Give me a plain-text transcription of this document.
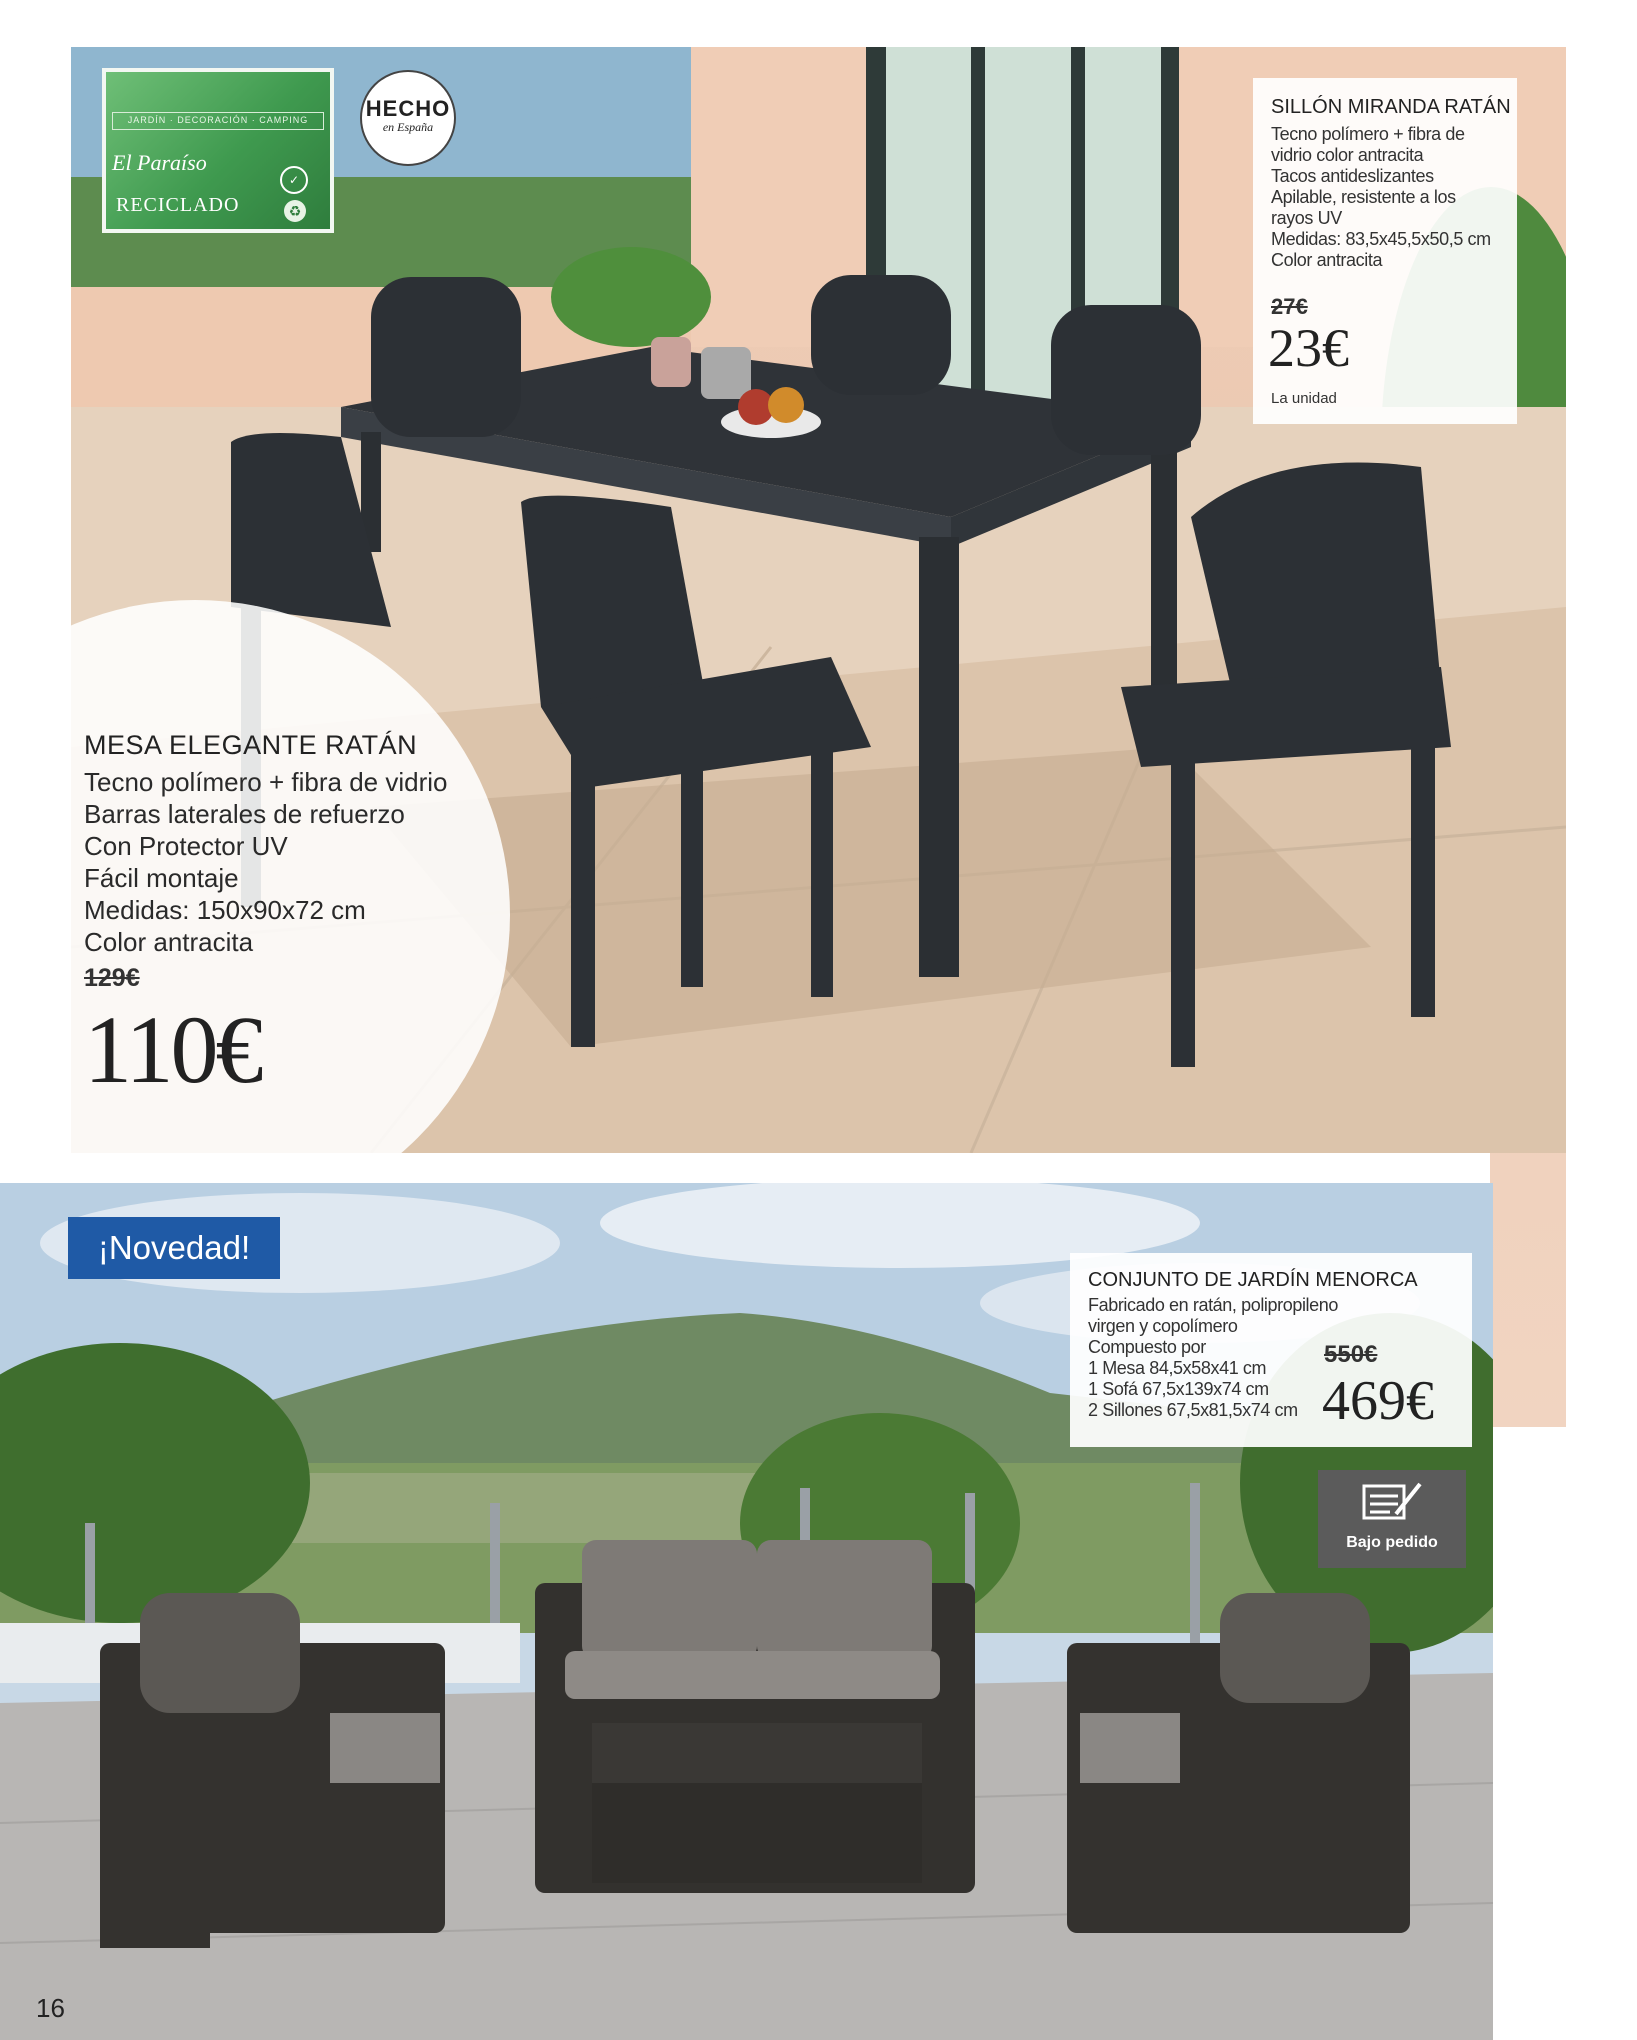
JARDÍN · DECORACIÓN · CAMPING
El Paraíso
✓
RECICLADO	♻
HECHO
en España
SILLÓN MIRANDA RATÁN
Tecno polímero + fibra de
vidrio color antracita
Tacos antideslizantes
Apilable, resistente a los
rayos UV
Medidas: 83,5x45,5x50,5 cm
Color antracita
27€
23€
La unidad
MESA ELEGANTE RATÁN
Tecno polímero + fibra de vidrio
Barras laterales de refuerzo
Con Protector UV
Fácil montaje
Medidas: 150x90x72 cm
Color antracita
129€
110€
¡Novedad!
CONJUNTO DE JARDÍN MENORCA
Fabricado en ratán, polipropileno
virgen y copolímero
Compuesto por
1 Mesa 84,5x58x41 cm
1 Sofá 67,5x139x74 cm
2 Sillones 67,5x81,5x74 cm
550€
469€
Bajo pedido
16
